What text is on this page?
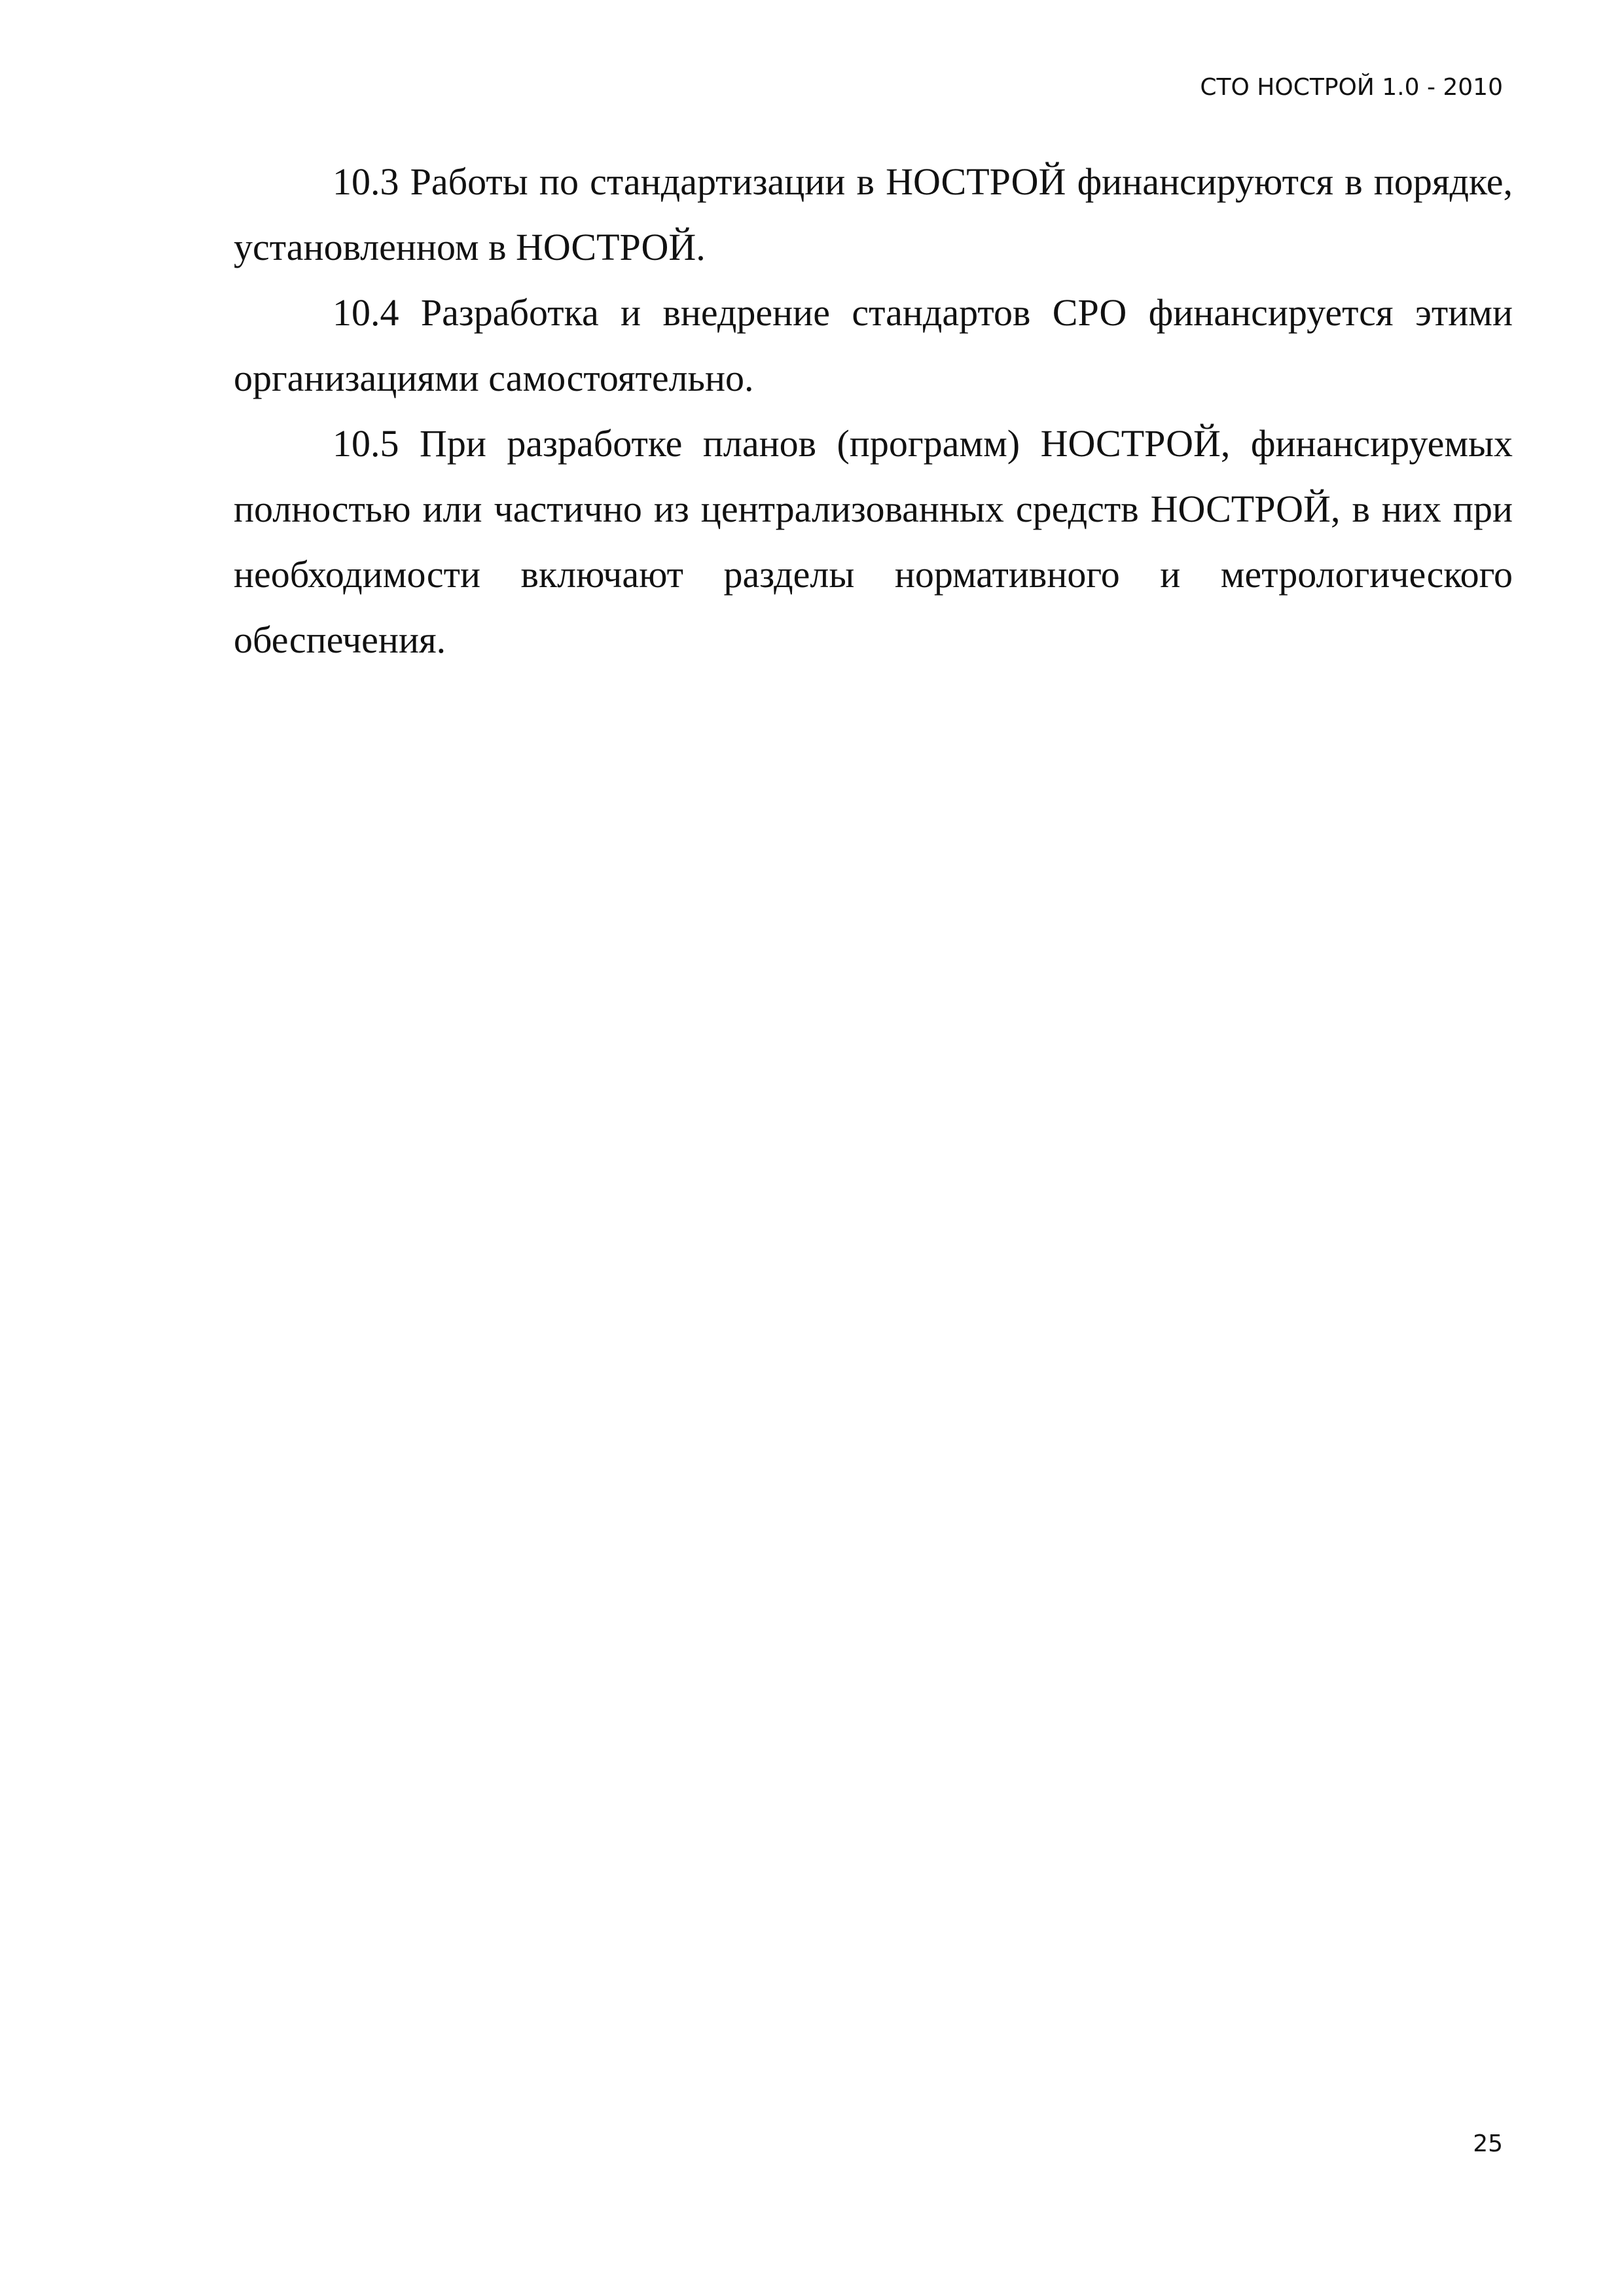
СТО НОСТРОЙ 1.0 - 2010

10.3 Работы по стандартизации в НОСТРОЙ финансируются в порядке, установленном в НОСТРОЙ.

10.4 Разработка и внедрение стандартов СРО финансируется этими организациями самостоятельно.

10.5 При разработке планов (программ) НОСТРОЙ, финансируемых полностью или частично из централизованных средств НОСТРОЙ, в них при необходимости включают разделы нормативного и метрологического обеспечения.

25
